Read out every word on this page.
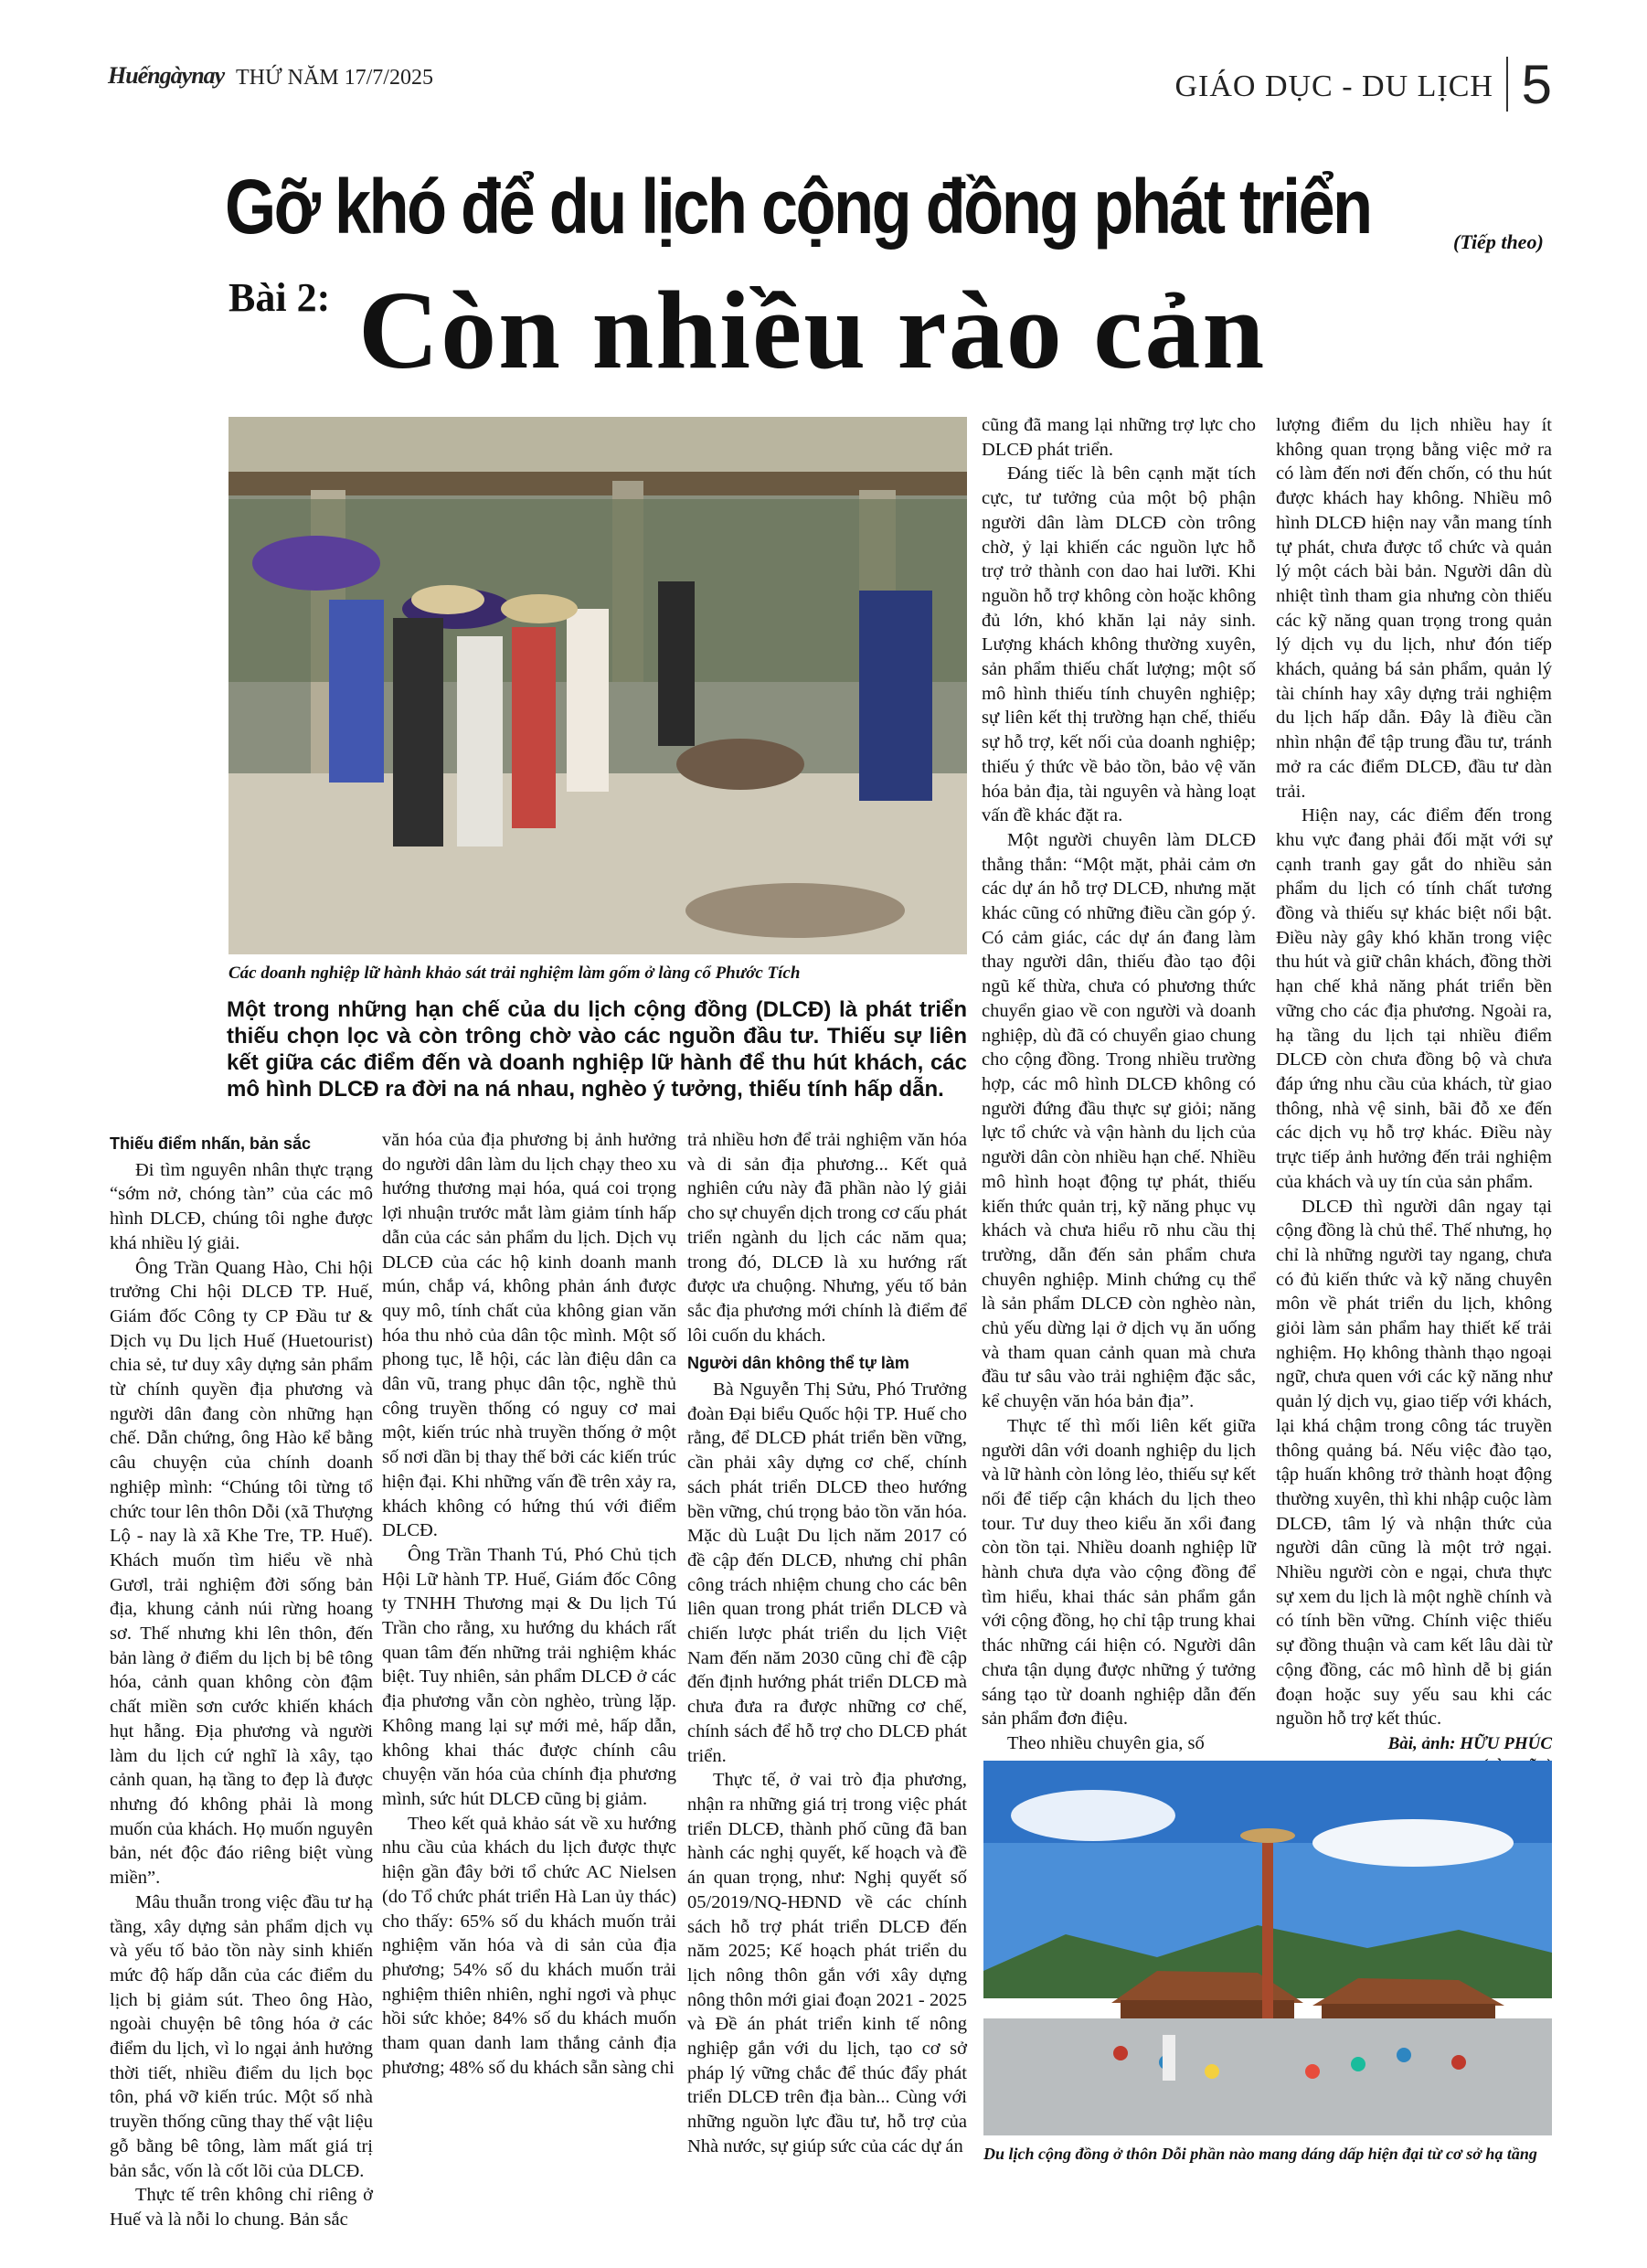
Huếngàynay THỨ NĂM 17/7/2025	GIÁO DỤC - DU LỊCH 5
Gỡ khó để du lịch cộng đồng phát triển	(Tiếp theo)
Bài 2: Còn nhiều rào cản
Các doanh nghiệp lữ hành khảo sát trải nghiệm làm gốm ở làng cổ Phước Tích
Một trong những hạn chế của du lịch cộng đồng (DLCĐ) là phát triển thiếu chọn lọc và còn trông chờ vào các nguồn đầu tư. Thiếu sự liên kết giữa các điểm đến và doanh nghiệp lữ hành để thu hút khách, các mô hình DLCĐ ra đời na ná nhau, nghèo ý tưởng, thiếu tính hấp dẫn.
Thiếu điểm nhấn, bản sắc

Đi tìm nguyên nhân thực trạng “sớm nở, chóng tàn” của các mô hình DLCĐ, chúng tôi nghe được khá nhiều lý giải.

Ông Trần Quang Hào, Chi hội trưởng Chi hội DLCĐ TP. Huế, Giám đốc Công ty CP Đầu tư & Dịch vụ Du lịch Huế (Huetourist) chia sẻ, tư duy xây dựng sản phẩm từ chính quyền địa phương và người dân đang còn những hạn chế. Dẫn chứng, ông Hào kể bằng câu chuyện của chính doanh nghiệp mình: “Chúng tôi từng tổ chức tour lên thôn Dỗi (xã Thượng Lộ - nay là xã Khe Tre, TP. Huế). Khách muốn tìm hiểu về nhà Gươl, trải nghiệm đời sống bản địa, khung cảnh núi rừng hoang sơ. Thế nhưng khi lên thôn, đến bản làng ở điểm du lịch bị bê tông hóa, cảnh quan không còn đậm chất miền sơn cước khiến khách hụt hẫng. Địa phương và người làm du lịch cứ nghĩ là xây, tạo cảnh quan, hạ tầng to đẹp là được nhưng đó không phải là mong muốn của khách. Họ muốn nguyên bản, nét độc đáo riêng biệt vùng miền”.

Mâu thuẫn trong việc đầu tư hạ tầng, xây dựng sản phẩm dịch vụ và yếu tố bảo tồn này sinh khiến mức độ hấp dẫn của các điểm du lịch bị giảm sút. Theo ông Hào, ngoài chuyện bê tông hóa ở các điểm du lịch, vì lo ngại ảnh hưởng thời tiết, nhiều điểm du lịch bọc tôn, phá vỡ kiến trúc. Một số nhà truyền thống cũng thay thế vật liệu gỗ bằng bê tông, làm mất giá trị bản sắc, vốn là cốt lõi của DLCĐ.

Thực tế trên không chỉ riêng ở Huế và là nỗi lo chung. Bản sắc

văn hóa của địa phương bị ảnh hưởng do người dân làm du lịch chạy theo xu hướng thương mại hóa, quá coi trọng lợi nhuận trước mắt làm giảm tính hấp dẫn của các sản phẩm du lịch. Dịch vụ DLCĐ của các hộ kinh doanh manh mún, chắp vá, không phản ánh được quy mô, tính chất của không gian văn hóa thu nhỏ của dân tộc mình. Một số phong tục, lễ hội, các làn điệu dân ca dân vũ, trang phục dân tộc, nghề thủ công truyền thống có nguy cơ mai một, kiến trúc nhà truyền thống ở một số nơi dần bị thay thế bởi các kiến trúc hiện đại. Khi những vấn đề trên xảy ra, khách không có hứng thú với điểm DLCĐ.

Ông Trần Thanh Tú, Phó Chủ tịch Hội Lữ hành TP. Huế, Giám đốc Công ty TNHH Thương mại & Du lịch Tú Trần cho rằng, xu hướng du khách rất quan tâm đến những trải nghiệm khác biệt. Tuy nhiên, sản phẩm DLCĐ ở các địa phương vẫn còn nghèo, trùng lặp. Không mang lại sự mới mẻ, hấp dẫn, không khai thác được chính câu chuyện văn hóa của chính địa phương mình, sức hút DLCĐ cũng bị giảm.

Theo kết quả khảo sát về xu hướng nhu cầu của khách du lịch được thực hiện gần đây bởi tổ chức AC Nielsen (do Tổ chức phát triển Hà Lan ủy thác) cho thấy: 65% số du khách muốn trải nghiệm văn hóa và di sản của địa phương; 54% số du khách muốn trải nghiệm thiên nhiên, nghỉ ngơi và phục hồi sức khỏe; 84% số du khách muốn tham quan danh lam thắng cảnh địa phương; 48% số du khách sẵn sàng chi

trả nhiều hơn để trải nghiệm văn hóa và di sản địa phương... Kết quả nghiên cứu này đã phần nào lý giải cho sự chuyển dịch trong cơ cấu phát triển ngành du lịch các năm qua; trong đó, DLCĐ là xu hướng rất được ưa chuộng. Nhưng, yếu tố bản sắc địa phương mới chính là điểm để lôi cuốn du khách.

Người dân không thể tự làm

Bà Nguyễn Thị Sửu, Phó Trưởng đoàn Đại biểu Quốc hội TP. Huế cho rằng, để DLCĐ phát triển bền vững, cần phải xây dựng cơ chế, chính sách phát triển DLCĐ theo hướng bền vững, chú trọng bảo tồn văn hóa. Mặc dù Luật Du lịch năm 2017 có đề cập đến DLCĐ, nhưng chỉ phân công trách nhiệm chung cho các bên liên quan trong phát triển DLCĐ và chiến lược phát triển du lịch Việt Nam đến năm 2030 cũng chỉ đề cập đến định hướng phát triển DLCĐ mà chưa đưa ra được những cơ chế, chính sách để hỗ trợ cho DLCĐ phát triển.

Thực tế, ở vai trò địa phương, nhận ra những giá trị trong việc phát triển DLCĐ, thành phố cũng đã ban hành các nghị quyết, kế hoạch và đề án quan trọng, như: Nghị quyết số 05/2019/NQ-HĐND về các chính sách hỗ trợ phát triển DLCĐ đến năm 2025; Kế hoạch phát triển du lịch nông thôn gắn với xây dựng nông thôn mới giai đoạn 2021 - 2025 và Đề án phát triển kinh tế nông nghiệp gắn với du lịch, tạo cơ sở pháp lý vững chắc để thúc đẩy phát triển DLCĐ trên địa bàn... Cùng với những nguồn lực đầu tư, hỗ trợ của Nhà nước, sự giúp sức của các dự án

cũng đã mang lại những trợ lực cho DLCĐ phát triển.

Đáng tiếc là bên cạnh mặt tích cực, tư tưởng của một bộ phận người dân làm DLCĐ còn trông chờ, ỷ lại khiến các nguồn lực hỗ trợ trở thành con dao hai lưỡi. Khi nguồn hỗ trợ không còn hoặc không đủ lớn, khó khăn lại nảy sinh. Lượng khách không thường xuyên, sản phẩm thiếu chất lượng; một số mô hình thiếu tính chuyên nghiệp; sự liên kết thị trường hạn chế, thiếu sự hỗ trợ, kết nối của doanh nghiệp; thiếu ý thức về bảo tồn, bảo vệ văn hóa bản địa, tài nguyên và hàng loạt vấn đề khác đặt ra.

Một người chuyên làm DLCĐ thẳng thắn: “Một mặt, phải cảm ơn các dự án hỗ trợ DLCĐ, nhưng mặt khác cũng có những điều cần góp ý. Có cảm giác, các dự án đang làm thay người dân, thiếu đào tạo đội ngũ kế thừa, chưa có phương thức chuyển giao về con người và doanh nghiệp, dù đã có chuyển giao chung cho cộng đồng. Trong nhiều trường hợp, các mô hình DLCĐ không có người đứng đầu thực sự giỏi; năng lực tổ chức và vận hành du lịch của người dân còn nhiều hạn chế. Nhiều mô hình hoạt động tự phát, thiếu kiến thức quản trị, kỹ năng phục vụ khách và chưa hiểu rõ nhu cầu thị trường, dẫn đến sản phẩm chưa chuyên nghiệp. Minh chứng cụ thể là sản phẩm DLCĐ còn nghèo nàn, chủ yếu dừng lại ở dịch vụ ăn uống và tham quan cảnh quan mà chưa đầu tư sâu vào trải nghiệm đặc sắc, kể chuyện văn hóa bản địa”.

Thực tế thì mối liên kết giữa người dân với doanh nghiệp du lịch và lữ hành còn lỏng lẻo, thiếu sự kết nối để tiếp cận khách du lịch theo tour. Tư duy theo kiểu ăn xổi đang còn tồn tại. Nhiều doanh nghiệp lữ hành chưa dựa vào cộng đồng để tìm hiểu, khai thác sản phẩm gắn với cộng đồng, họ chỉ tập trung khai thác những cái hiện có. Người dân chưa tận dụng được những ý tưởng sáng tạo từ doanh nghiệp dẫn đến sản phẩm đơn điệu.

Theo nhiều chuyên gia, số

lượng điểm du lịch nhiều hay ít không quan trọng bằng việc mở ra có làm đến nơi đến chốn, có thu hút được khách hay không. Nhiều mô hình DLCĐ hiện nay vẫn mang tính tự phát, chưa được tổ chức và quản lý một cách bài bản. Người dân dù nhiệt tình tham gia nhưng còn thiếu các kỹ năng quan trọng trong quản lý dịch vụ du lịch, như đón tiếp khách, quảng bá sản phẩm, quản lý tài chính hay xây dựng trải nghiệm du lịch hấp dẫn. Đây là điều cần nhìn nhận để tập trung đầu tư, tránh mở ra các điểm DLCĐ, đầu tư dàn trải.

Hiện nay, các điểm đến trong khu vực đang phải đối mặt với sự cạnh tranh gay gắt do nhiều sản phẩm du lịch có tính chất tương đồng và thiếu sự khác biệt nổi bật. Điều này gây khó khăn trong việc thu hút và giữ chân khách, đồng thời hạn chế khả năng phát triển bền vững cho các địa phương. Ngoài ra, hạ tầng du lịch tại nhiều điểm DLCĐ còn chưa đồng bộ và chưa đáp ứng nhu cầu của khách, từ giao thông, nhà vệ sinh, bãi đỗ xe đến các dịch vụ hỗ trợ khác. Điều này trực tiếp ảnh hưởng đến trải nghiệm của khách và uy tín của sản phẩm.

DLCĐ thì người dân ngay tại cộng đồng là chủ thể. Thế nhưng, họ chỉ là những người tay ngang, chưa có đủ kiến thức và kỹ năng chuyên môn về phát triển du lịch, không giỏi làm sản phẩm hay thiết kế trải nghiệm. Họ không thành thạo ngoại ngữ, chưa quen với các kỹ năng như quản lý dịch vụ, giao tiếp với khách, lại khá chậm trong công tác truyền thông quảng bá. Nếu việc đào tạo, tập huấn không trở thành hoạt động thường xuyên, thì khi nhập cuộc làm DLCĐ, tâm lý và nhận thức của người dân cũng là một trở ngại. Nhiều người còn e ngại, chưa thực sự xem du lịch là một nghề chính và có tính bền vững. Chính việc thiếu sự đồng thuận và cam kết lâu dài từ cộng đồng, các mô hình dễ bị gián đoạn hoặc suy yếu sau khi các nguồn hỗ trợ kết thúc.

Bài, ảnh: HỮU PHÚC

Du lịch cộng đồng ở thôn Dỗi phần nào mang dáng dấp hiện đại từ cơ sở hạ tầng
